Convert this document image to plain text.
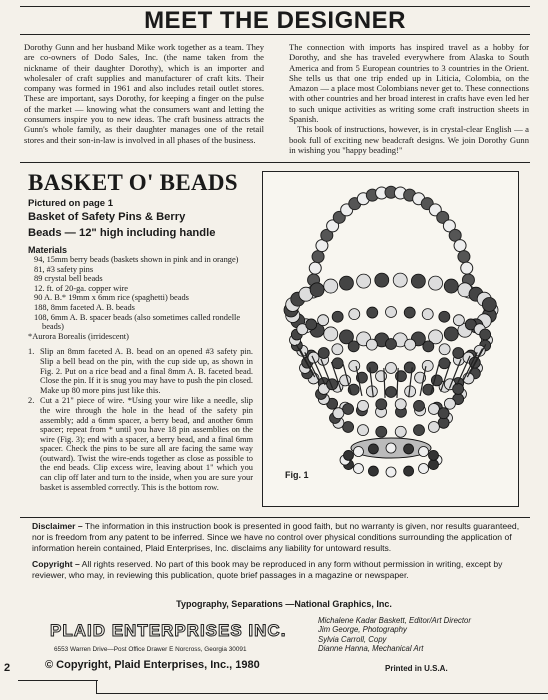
MEET THE DESIGNER

Dorothy Gunn and her husband Mike work together as a team. They are co-owners of Dodo Sales, Inc. (the name taken from the nickname of their daughter Dorothy), which is an importer and wholesaler of craft supplies and manufacturer of craft kits. Their company was formed in 1961 and also includes retail outlet stores. These are important, says Dorothy, for keeping a finger on the pulse of the market — knowing what the consumers want and letting the consumers inspire you to new ideas. The craft business attracts the Gunn's whole family, as their daughter manages one of the retail stores and their son-in-law is involved in all phases of the business.

The connection with imports has inspired travel as a hobby for Dorothy, and she has traveled everywhere from Alaska to South America and from 5 European countries to 3 countries in the Orient. She tells us that one trip ended up in Liticia, Colombia, on the Amazon — a place most Colombians never get to. These connections with other countries and her broad interest in crafts have even led her to such unique activities as writing some craft instruction sheets in Spanish.

This book of instructions, however, is in crystal-clear English — a book full of exciting new beadcraft designs. We join Dorothy Gunn in wishing you "happy beading!"

BASKET O' BEADS
Pictured on page 1
Basket of Safety Pins & Berry
Beads — 12" high including handle
Materials
94, 15mm berry beads (baskets shown in pink and in orange)
81, #3 safety pins
89 crystal bell beads
12. ft. of 20-ga. copper wire
90 A. B.* 19mm x 6mm rice (spaghetti) beads
188, 8mm faceted A. B. beads
108, 6mm A. B. spacer beads (also sometimes called rondelle beads)
*Aurora Borealis (irridescent)
1. Slip an 8mm faceted A. B. bead on an opened #3 safety pin. Slip a bell bead on the pin, with the cup side up, as shown in Fig. 2. Put on a rice bead and a final 8mm A. B. faceted bead. Close the pin. If it is snug you may have to push the pin closed. Make up 80 more pins just like this.
2. Cut a 21" piece of wire. *Using your wire like a needle, slip the wire through the hole in the head of the safety pin assembly; add a 6mm spacer, a berry bead, and another 6mm spacer; repeat from * until you have 18 pin assemblies on the wire (Fig. 3); end with a spacer, a berry bead, and a final 6mm spacer. Check the pins to be sure all are facing the same way (outward). Twist the wire-ends together as close as possible to the end beads. Clip excess wire, leaving about 1" which you can clip off later and turn to the inside, when you are sure your basket is assembled correctly. This is the bottom row.
Fig. 1

Disclaimer – The information in this instruction book is presented in good faith, but no warranty is given, nor results guaranteed, nor is freedom from any patent to be inferred. Since we have no control over physical conditions surrounding the application of information herein contained, Plaid Enterprises, Inc. disclaims any liability for untoward results.

Copyright – All rights reserved. No part of this book may be reproduced in any form without permission in writing, except by reviewer, who may, in reviewing this publication, quote brief passages in a magazine or newspaper.

Typography, Separations —National Graphics, Inc.
PLAID ENTERPRISES INC.
6553 Warren Drive—Post Office Drawer E Norcross, Georgia 30091
© Copyright, Plaid Enterprises, Inc., 1980
Michalene Kadar Baskett, Editor/Art Director
Jim George, Photography
Sylvia Carroll, Copy
Dianne Hanna, Mechanical Art
Printed in U.S.A.
2
